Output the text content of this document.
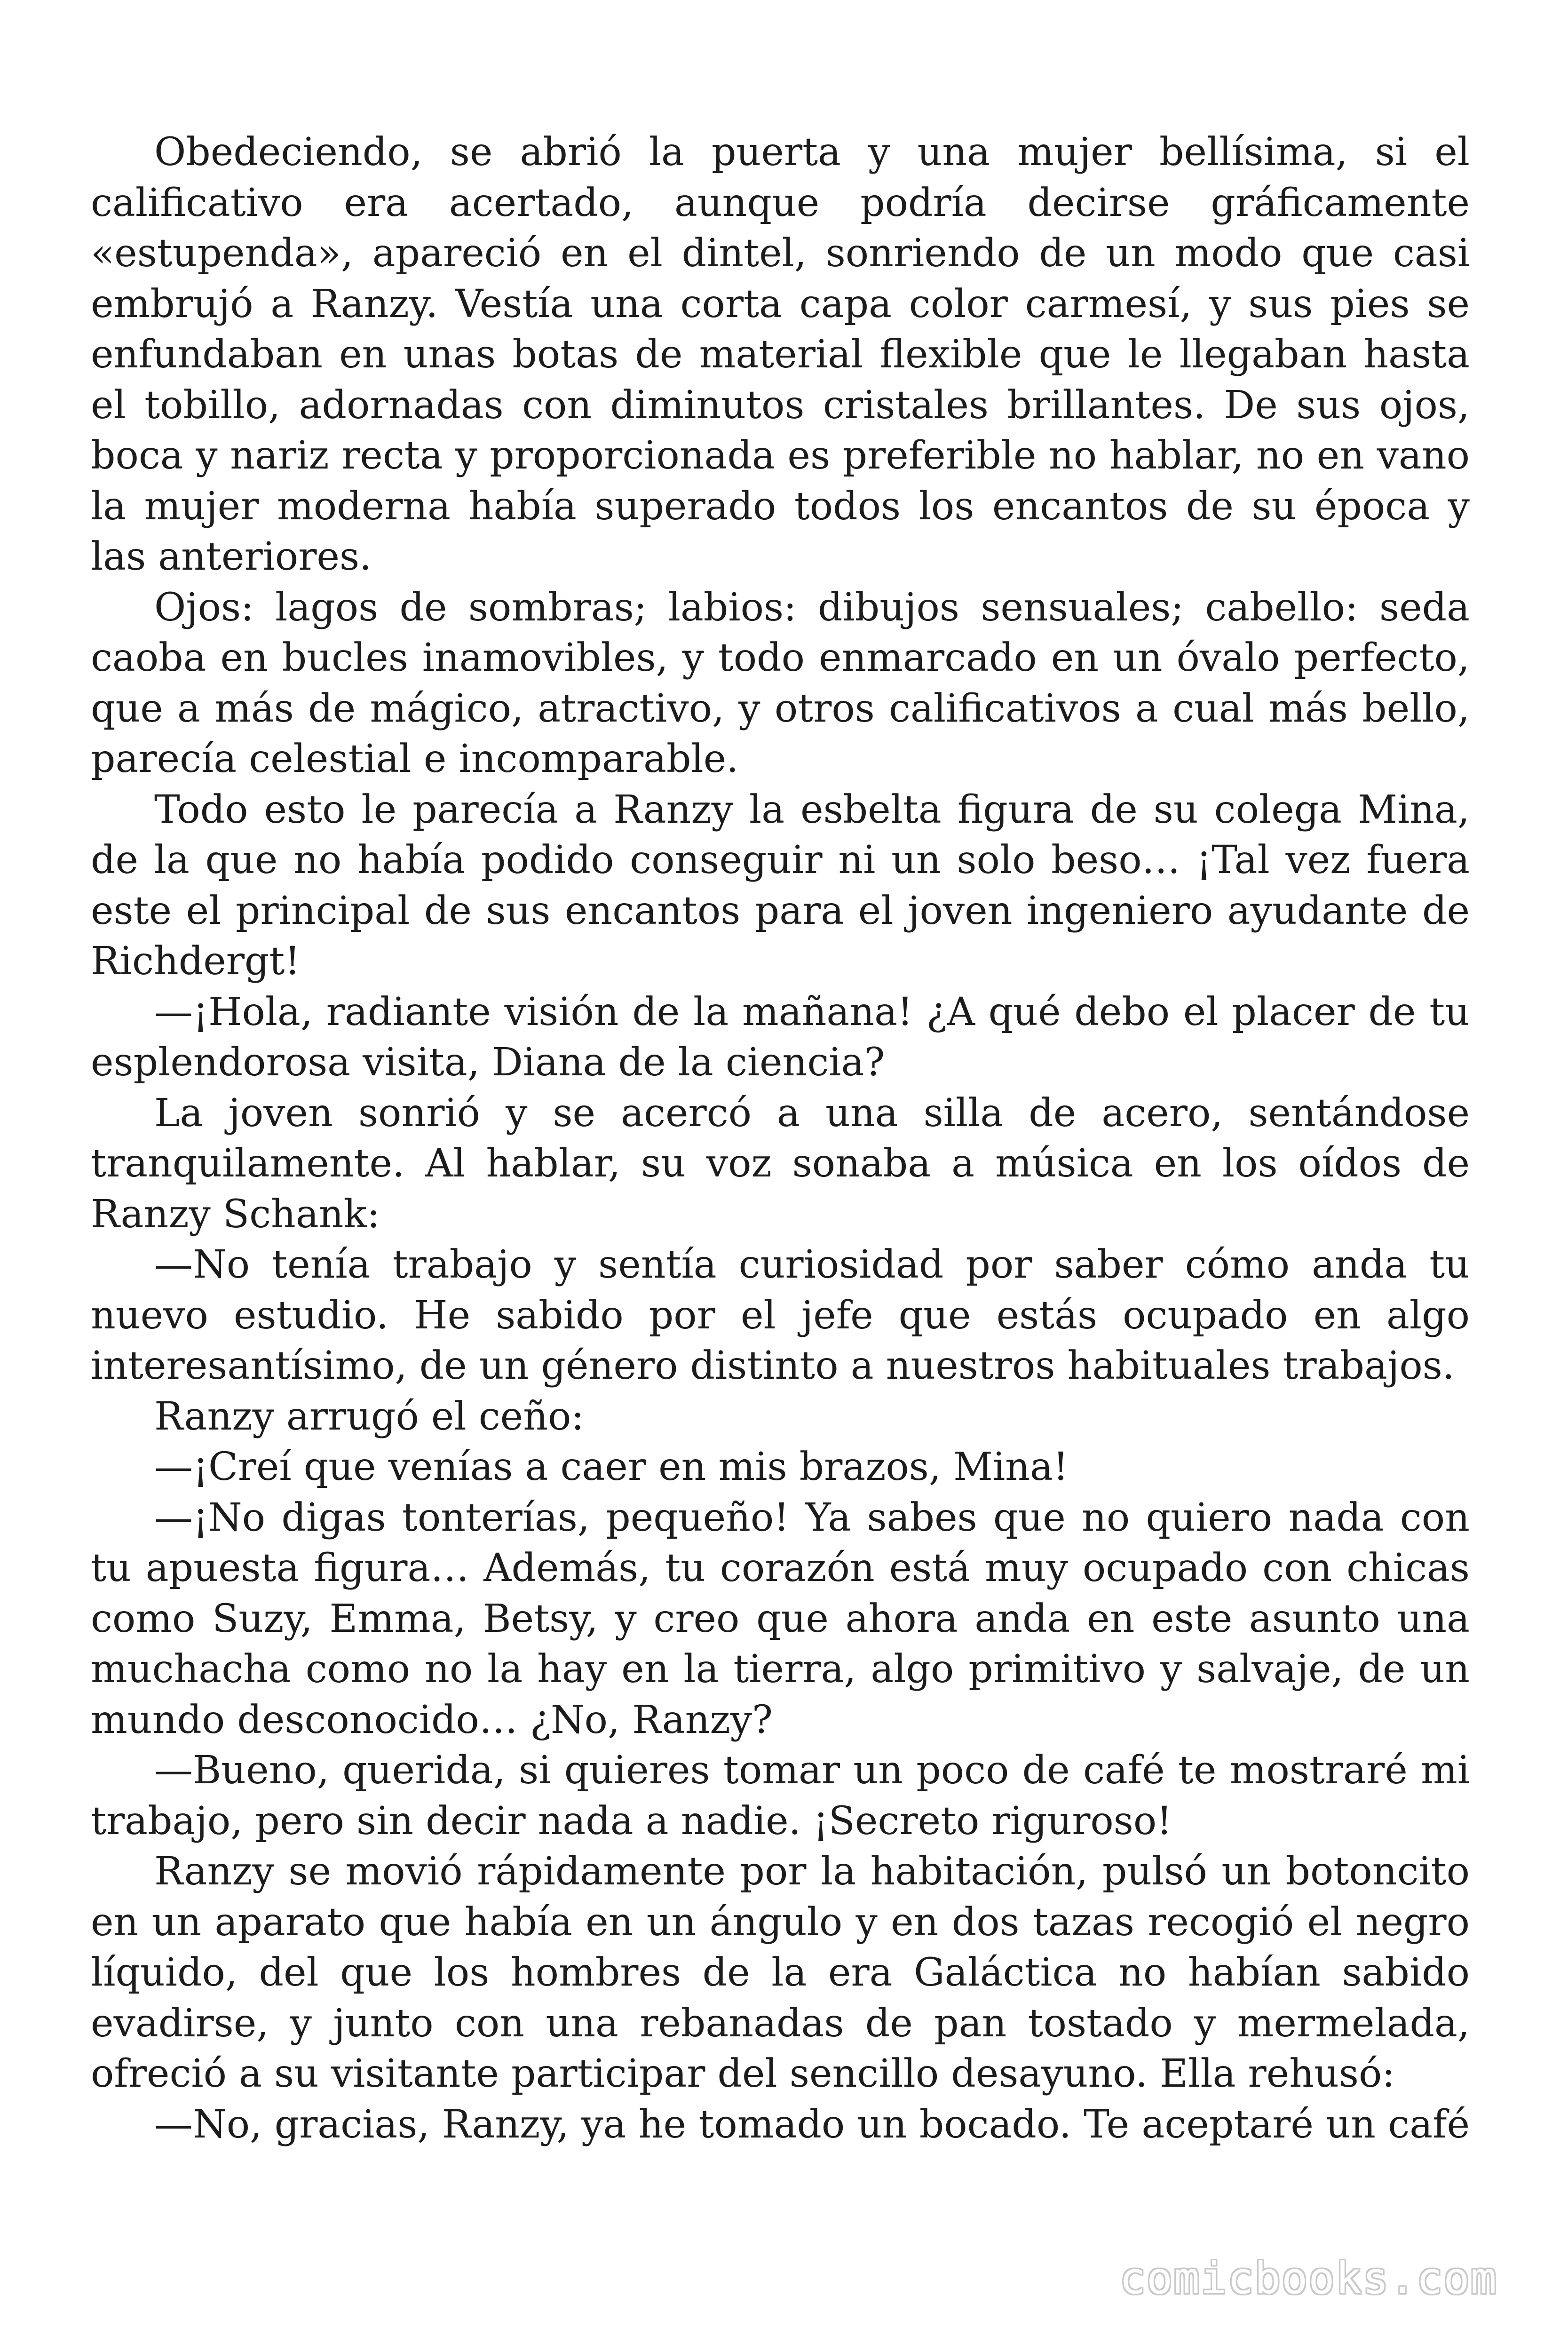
Obedeciendo, se abrió la puerta y una mujer bellísima, si el calificativo era acertado, aunque podría decirse gráficamente «estupenda», apareció en el dintel, sonriendo de un modo que casi embrujó a Ranzy. Vestía una corta capa color carmesí, y sus pies se enfundaban en unas botas de material flexible que le llegaban hasta el tobillo, adornadas con diminutos cristales brillantes. De sus ojos, boca y nariz recta y proporcionada es preferible no hablar, no en vano la mujer moderna había superado todos los encantos de su época y las anteriores.

Ojos: lagos de sombras; labios: dibujos sensuales; cabello: seda caoba en bucles inamovibles, y todo enmarcado en un óvalo perfecto, que a más de mágico, atractivo, y otros calificativos a cual más bello, parecía celestial e incomparable.

Todo esto le parecía a Ranzy la esbelta figura de su colega Mina, de la que no había podido conseguir ni un solo beso… ¡Tal vez fuera este el principal de sus encantos para el joven ingeniero ayudante de Richdergt!

—¡Hola, radiante visión de la mañana! ¿A qué debo el placer de tu esplendorosa visita, Diana de la ciencia?

La joven sonrió y se acercó a una silla de acero, sentándose tranquilamente. Al hablar, su voz sonaba a música en los oídos de Ranzy Schank:

—No tenía trabajo y sentía curiosidad por saber cómo anda tu nuevo estudio. He sabido por el jefe que estás ocupado en algo interesantísimo, de un género distinto a nuestros habituales trabajos.

Ranzy arrugó el ceño:

—¡Creí que venías a caer en mis brazos, Mina!

—¡No digas tonterías, pequeño! Ya sabes que no quiero nada con tu apuesta figura… Además, tu corazón está muy ocupado con chicas como Suzy, Emma, Betsy, y creo que ahora anda en este asunto una muchacha como no la hay en la tierra, algo primitivo y salvaje, de un mundo desconocido… ¿No, Ranzy?

—Bueno, querida, si quieres tomar un poco de café te mostraré mi trabajo, pero sin decir nada a nadie. ¡Secreto riguroso!

Ranzy se movió rápidamente por la habitación, pulsó un botoncito en un aparato que había en un ángulo y en dos tazas recogió el negro líquido, del que los hombres de la era Galáctica no habían sabido evadirse, y junto con una rebanadas de pan tostado y mermelada, ofreció a su visitante participar del sencillo desayuno. Ella rehusó:

—No, gracias, Ranzy, ya he tomado un bocado. Te aceptaré un café

comicbooks.com
